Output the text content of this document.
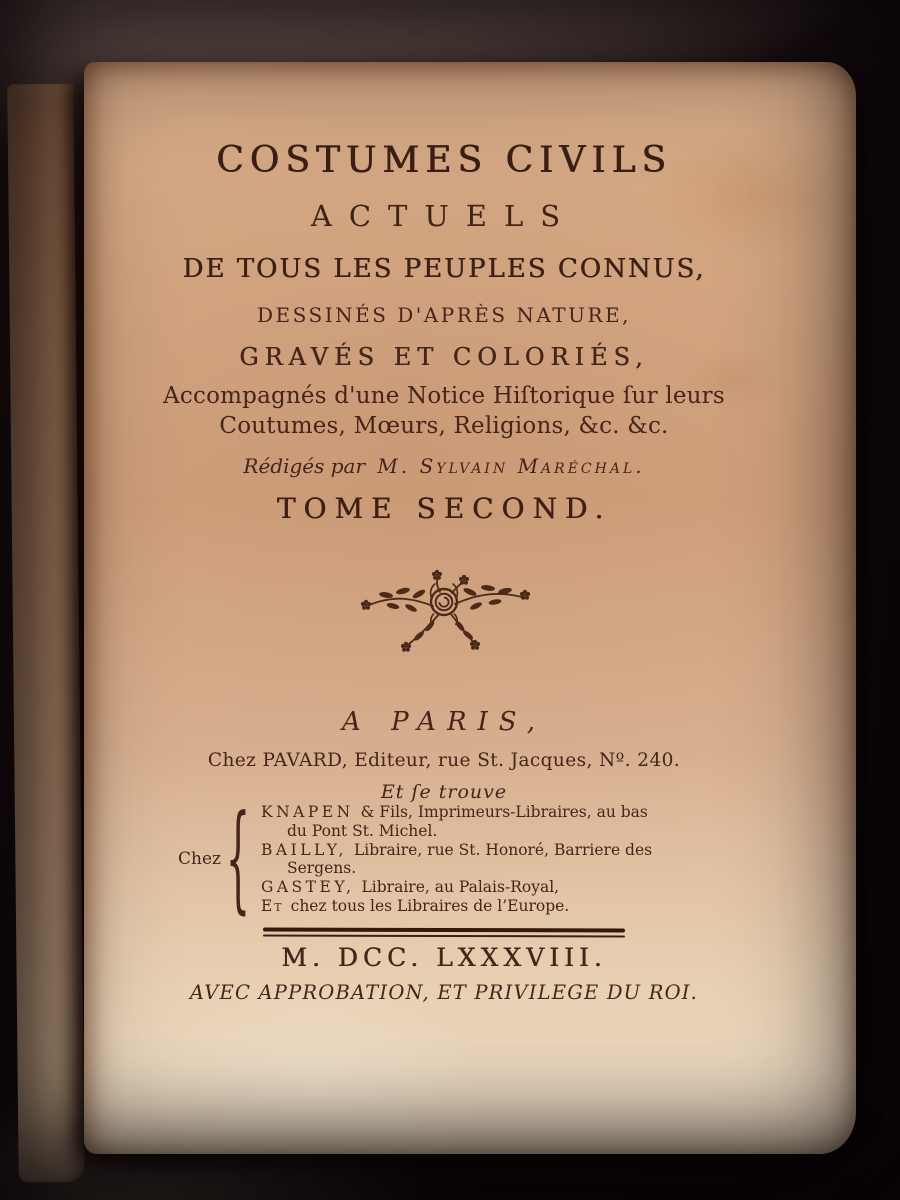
COSTUMES CIVILS
ACTUELS
DE TOUS LES PEUPLES CONNUS,
DESSINÉS D'APRÈS NATURE,
GRAVÉS ET COLORIÉS,
Accompagnés d'une Notice Hiſtorique ſur leurs
Coutumes, Mœurs, Religions, &c. &c.
Rédigés par M. Sylvain Maréchal.
TOME SECOND.
A PARIS,
Chez PAVARD, Editeur, rue St. Jacques, Nº. 240.
Et ſe trouve
Chez { KNAPEN & Fils, Imprimeurs-Libraires, au bas
du Pont St. Michel.
BAILLY, Libraire, rue St. Honoré, Barriere des
Sergens.
GASTEY, Libraire, au Palais-Royal,
Et chez tous les Libraires de l’Europe.
M. DCC. LXXXVIII.
AVEC APPROBATION, ET PRIVILEGE DU ROI.
